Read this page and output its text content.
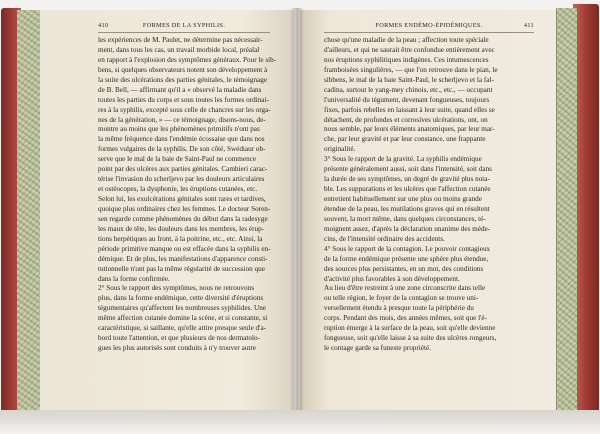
410	FORMES DE LA SYPHILIS.
les expériences de M. Paulet, ne détermine pas nécessair-
ment, dans tous les cas, un travail morbide local, préalal
en rapport à l'explosion des symptômes généraux. Pour le sib-
bens, si quelques observateurs notent son développement à
la suite des ulcérations des parties génitales, le témoignage
de B. Bell, — affirmant qu'il a « observé la maladie dans
toutes les parties du corps et sous toutes les formes ordinai-
res à la syphilis, excepté sous celle de chancres sur les orga-
nes de la génération, » — ce témoignage, disons-nous, de-
montre au moins que les phénomènes primitifs n'ont pas
la même fréquence dans l'endémie écossaise que dans nos
formes vulgaires de la syphilis. De son côté, Swédiaur ob-
serve que le mal de la baie de Saint-Paul ne commence
point par des ulcères aux parties génitales. Cambieri carac-
térise l'invasion du scherljevo par les douleurs articulaires
et ostéocopes, la dysphonie, les éruptions cutanées, etc.
Selon lui, les exulcérations génitales sont rares et tardives,
quoique plus ordinaires chez les femmes. Le docteur Soren-
sen regarde comme phénomènes du début dans la radesyge
les maux de tête, les douleurs dans les membres, les érup-
tions herpétiques au front, à la poitrine, etc., etc. Ainsi, la
période primitive manque ou est effacée dans la syphilis en-
démique. Et de plus, les manifestations d'apparence consti-
tutionnelle n'ont pas la même régularité de succession que
dans la forme confirmée.
2° Sous le rapport des symptômes, nous ne retrouvons
plus, dans la forme endémique, cette diversité d'éruptions
tégumentaires qu'affectent les nombreuses syphilides. Une
même affection cutanée domine la scène, et si constante, si
caractéristique, si saillante, qu'elle attire presque seule d'a-
bord toute l'attention, et que plusieurs de nos dermatolo-
gues les plus autorisés sont conduits à n'y trouver autre
FORMES ENDÉMO-ÉPIDÉMIQUES.	411
chose qu'une maladie de la peau ; affection toute spéciale
d'ailleurs, et qui ne saurait être confondue entièrement avec
nos éruptions syphilitiques indigènes. Ces intumescences
framboisées singulières, — que l'on retrouve dans le pian, le
sibbens, le mal de la baie Saint-Paul, le scherljevo et la fal-
cadina, surtout le yang-mey chinois, etc., etc., — occupant
l'universalité du tégument, devenant fongueuses, toujours
fixes, parfois rebelles en laissant à leur suite, quand elles se
détachent, de profondes et corrosives ulcérations, ont, on
nous semble, par leurs éléments anatomiques, par leur mar-
che, par leur gravité et par leur constance, une frappante
originalité.
3° Sous le rapport de la gravité. La syphilis endémique
présente généralement aussi, soit dans l'intensité, soit dans
la durée de ses symptômes, un degré de gravité plus nota-
ble. Les suppurations et les ulcères que l'affection cutanée
entretient habituellement sur une plus ou moins grande
étendue de la peau, les mutilations graves qui en résultent
souvent, la mort même, dans quelques circonstances, té-
moignent assez, d'après la déclaration unanime des méde-
cins, de l'intensité ordinaire des accidents.
4° Sous le rapport de la contagion. Le pouvoir contagieux
de la forme endémique présente une sphère plus étendue,
des sources plus persistantes, en un mot, des conditions
d'activité plus favorables à son développement.
Au lieu d'être restreint à une zone circonscrite dans telle
ou telle région, le foyer de la contagion se trouve uni-
versellement étendu à presque toute la périphérie du
corps. Pendant des mois, des années mêmes, soit que l'é-
ruption émerge à la surface de la peau, soit qu'elle devienne
fongueuse, soit qu'elle laisse à sa suite des ulcères rongeurs,
le contage garde sa funeste propriété.
